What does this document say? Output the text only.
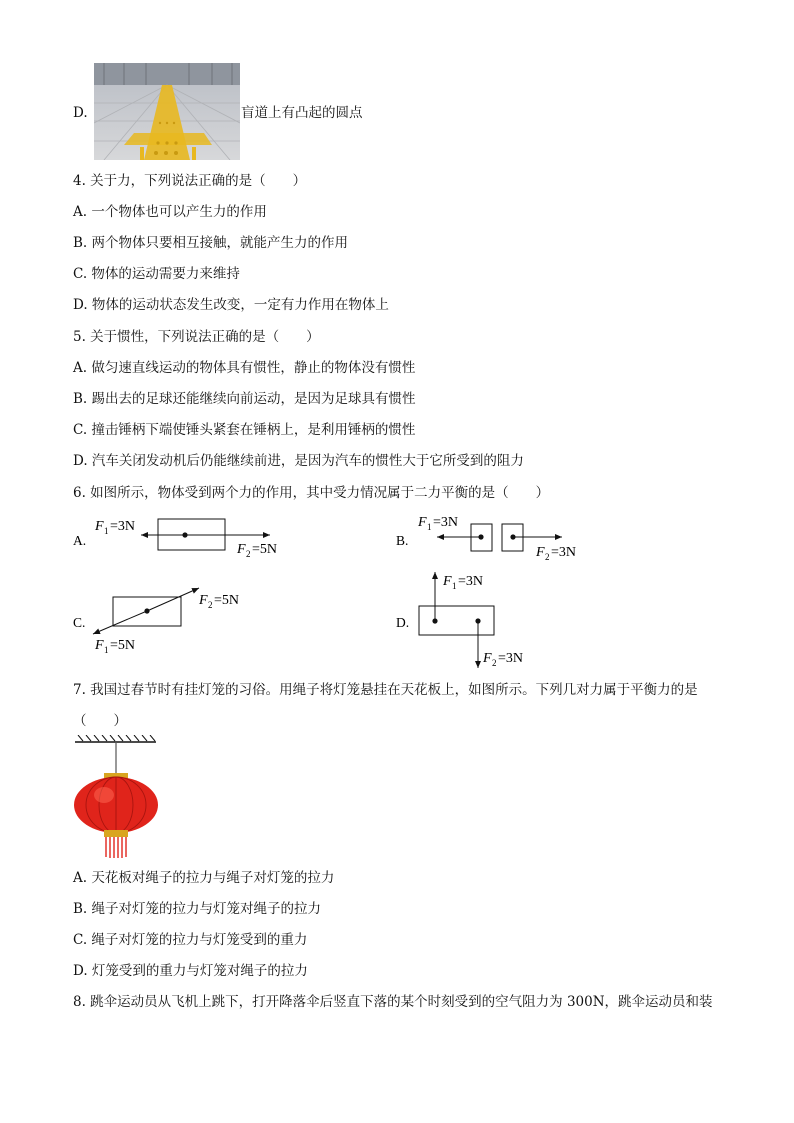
D.	盲道上有凸起的圆点
4. 关于力，下列说法正确的是（　　）
A. 一个物体也可以产生力的作用
B. 两个物体只要相互接触，就能产生力的作用
C. 物体的运动需要力来维持
D. 物体的运动状态发生改变，一定有力作用在物体上
5. 关于惯性，下列说法正确的是（　　）
A. 做匀速直线运动的物体具有惯性，静止的物体没有惯性
B. 踢出去的足球还能继续向前运动，是因为足球具有惯性
C. 撞击锤柄下端使锤头紧套在锤柄上，是利用锤柄的惯性
D. 汽车关闭发动机后仍能继续前进，是因为汽车的惯性大于它所受到的阻力
6. 如图所示，物体受到两个力的作用，其中受力情况属于二力平衡的是（　　）
A.
F 1 =3N
F 2 =5N
B.
F 1 =3N
F 2 =3N
C.
F 1 =5N
F 2 =5N
D.
F 1 =3N
F 2 =3N
7. 我国过春节时有挂灯笼的习俗。用绳子将灯笼悬挂在天花板上，如图所示。下列几对力属于平衡力的是
（　　）
A. 天花板对绳子的拉力与绳子对灯笼的拉力
B. 绳子对灯笼的拉力与灯笼对绳子的拉力
C. 绳子对灯笼的拉力与灯笼受到的重力
D. 灯笼受到的重力与灯笼对绳子的拉力
8. 跳伞运动员从飞机上跳下，打开降落伞后竖直下落的某个时刻受到的空气阻力为 300N，跳伞运动员和装
